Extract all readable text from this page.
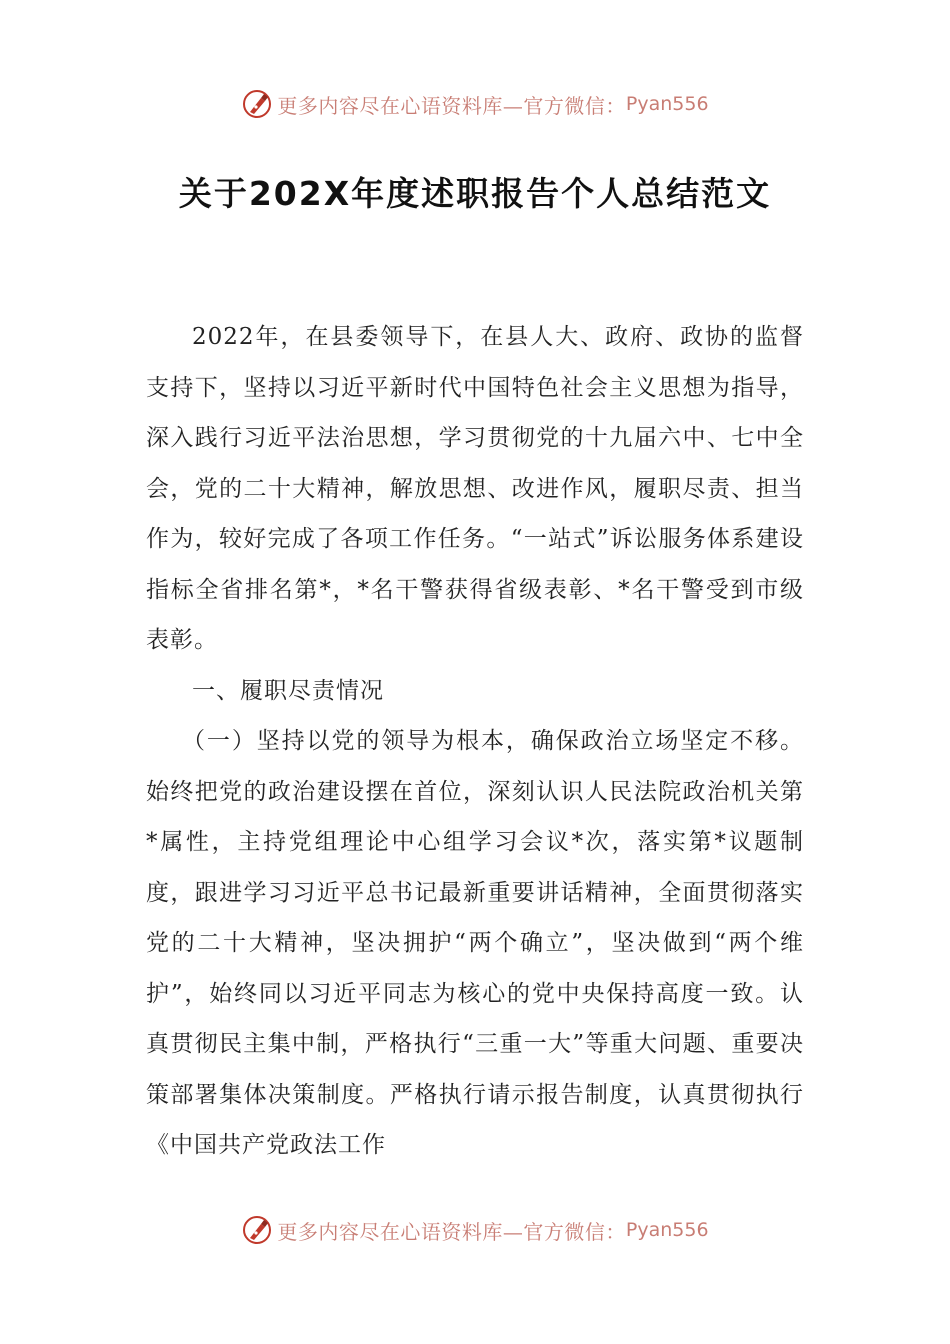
更多内容尽在心语资料库—官方微信： Pyan556
关于202X年度述职报告个人总结范文

2022年，在县委领导下，在县人大、政府、政协的监督支持下，坚持以习近平新时代中国特色社会主义思想为指导，深入践行习近平法治思想，学习贯彻党的十九届六中、七中全会，党的二十大精神，解放思想、改进作风，履职尽责、担当作为，较好完成了各项工作任务。“一站式”诉讼服务体系建设指标全省排名第*，*名干警获得省级表彰、*名干警受到市级表彰。

一、履职尽责情况

（一）坚持以党的领导为根本，确保政治立场坚定不移。始终把党的政治建设摆在首位，深刻认识人民法院政治机关第*属性，主持党组理论中心组学习会议*次，落实第*议题制度，跟进学习习近平总书记最新重要讲话精神，全面贯彻落实党的二十大精神，坚决拥护“两个确立”，坚决做到“两个维护”，始终同以习近平同志为核心的党中央保持高度一致。认真贯彻民主集中制，严格执行“三重一大”等重大问题、重要决策部署集体决策制度。严格执行请示报告制度，认真贯彻执行《中国共产党政法工作

更多内容尽在心语资料库—官方微信： Pyan556
